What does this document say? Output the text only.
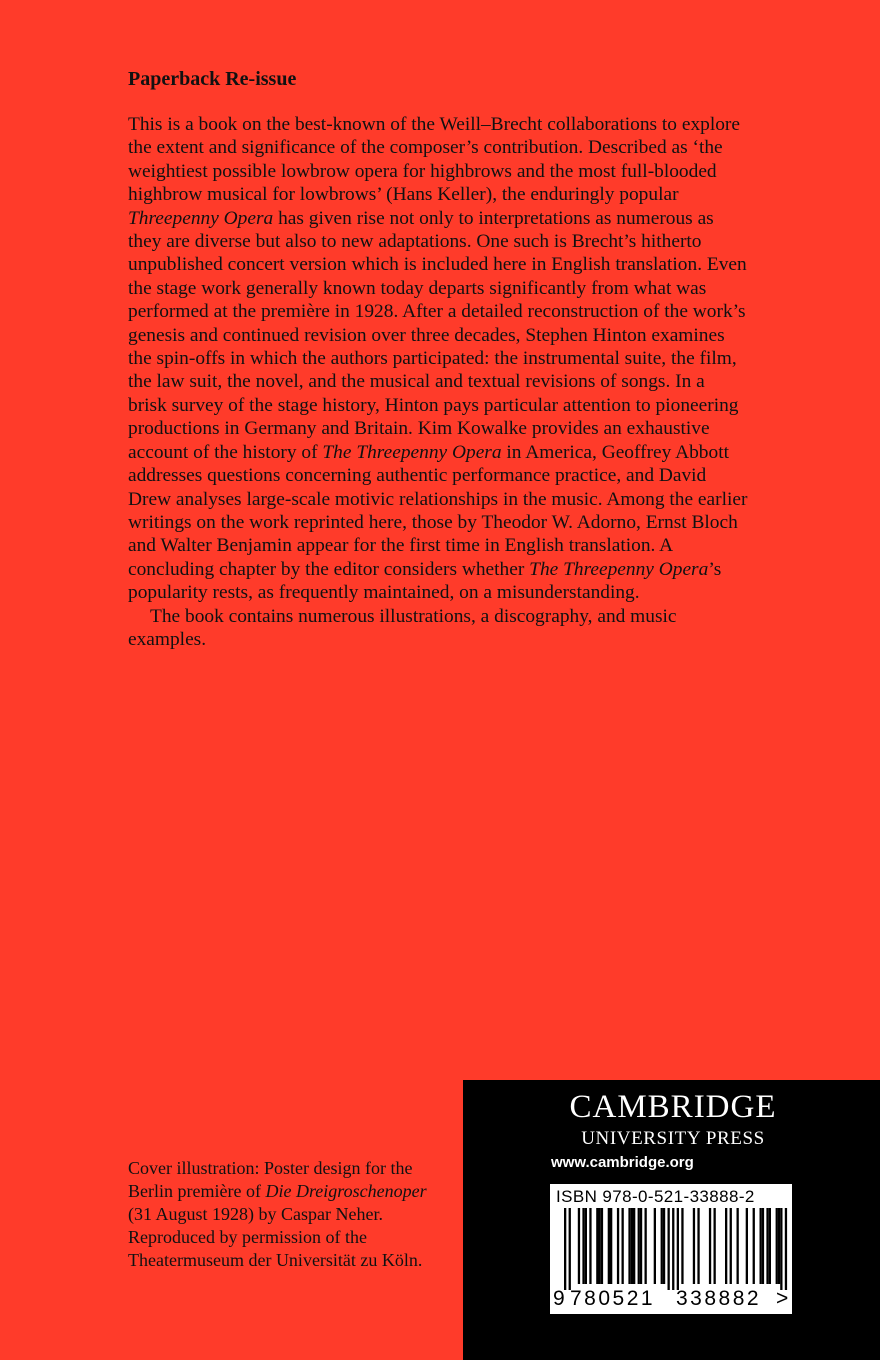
Paperback Re-issue

This is a book on the best-known of the Weill–Brecht collaborations to explore the extent and significance of the composer’s contribution. Described as ‘the weightiest possible lowbrow opera for highbrows and the most full-blooded highbrow musical for lowbrows’ (Hans Keller), the enduringly popular Threepenny Opera has given rise not only to interpretations as numerous as they are diverse but also to new adaptations. One such is Brecht’s hitherto unpublished concert version which is included here in English translation. Even the stage work generally known today departs significantly from what was performed at the première in 1928. After a detailed reconstruction of the work’s genesis and continued revision over three decades, Stephen Hinton examines the spin-offs in which the authors participated: the instrumental suite, the film, the law suit, the novel, and the musical and textual revisions of songs. In a brisk survey of the stage history, Hinton pays particular attention to pioneering productions in Germany and Britain. Kim Kowalke provides an exhaustive account of the history of The Threepenny Opera in America, Geoffrey Abbott addresses questions concerning authentic performance practice, and David Drew analyses large-scale motivic relationships in the music. Among the earlier writings on the work reprinted here, those by Theodor W. Adorno, Ernst Bloch and Walter Benjamin appear for the first time in English translation. A concluding chapter by the editor considers whether The Threepenny Opera’s popularity rests, as frequently maintained, on a misunderstanding.

The book contains numerous illustrations, a discography, and music examples.

Cover illustration: Poster design for the Berlin première of Die Dreigroschenoper (31 August 1928) by Caspar Neher. Reproduced by permission of the Theatermuseum der Universität zu Köln.
CAMBRIDGE
UNIVERSITY PRESS
www.cambridge.org
ISBN 978-0-521-33888-2
9 780521 338882 >
